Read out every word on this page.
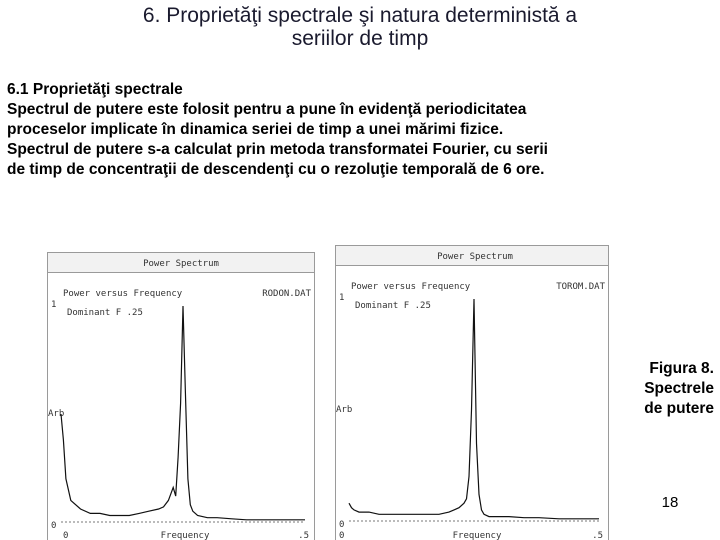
6. Proprietăţi spectrale şi natura deterministă a
seriilor de timp
6.1 Proprietăţi spectrale
Spectrul de putere este folosit pentru a pune în evidenţă periodicitatea
proceselor implicate în dinamica seriei de timp a unei mărimi fizice.
Spectrul de putere s-a calculat prin metoda transformatei Fourier, cu serii
de timp de concentraţii de descendenţi cu o rezoluţie temporală de 6 ore.
Power Spectrum
Power versus Frequency	RODON.DAT
Dominant F .25
1
Arb
0
0	Frequency	.5
Power Spectrum
Power versus Frequency	TOROM.DAT
Dominant F .25
1
Arb
0
0	Frequency	.5
Figura 8.
Spectrele
de putere
18
